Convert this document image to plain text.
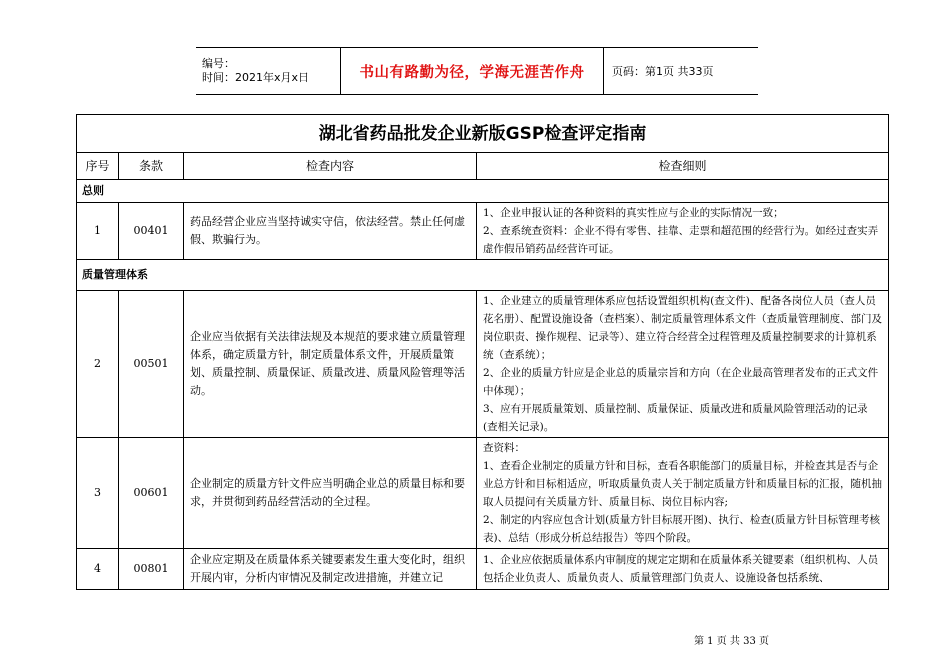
编号：
时间：2021年x月x日	书山有路勤为径，学海无涯苦作舟	页码：第1页 共33页
湖北省药品批发企业新版GSP检查评定指南			
序号	条款	检查内容	检查细则
总则			
1	00401	药品经营企业应当坚持诚实守信，依法经营。禁止任何虚假、欺骗行为。	1、企业申报认证的各种资料的真实性应与企业的实际情况一致；

2、查系统查资料：企业不得有零售、挂靠、走票和超范围的经营行为。如经过查实弄虚作假吊销药品经营许可证。

质量管理体系			
2	00501	企业应当依据有关法律法规及本规范的要求建立质量管理体系，确定质量方针，制定质量体系文件，开展质量策划、质量控制、质量保证、质量改进、质量风险管理等活动。	1、企业建立的质量管理体系应包括设置组织机构(查文件)、配备各岗位人员（查人员花名册）、配置设施设备（查档案）、制定质量管理体系文件（查质量管理制度、部门及岗位职责、操作规程、记录等）、建立符合经营全过程管理及质量控制要求的计算机系统（查系统）；

2、企业的质量方针应是企业总的质量宗旨和方向（在企业最高管理者发布的正式文件中体现）；

3、应有开展质量策划、质量控制、质量保证、质量改进和质量风险管理活动的记录(查相关记录)。

3	00601	企业制定的质量方针文件应当明确企业总的质量目标和要求，并贯彻到药品经营活动的全过程。	查资料：

1、查看企业制定的质量方针和目标，查看各职能部门的质量目标，并检查其是否与企业总方针和目标相适应，听取质量负责人关于制定质量方针和质量目标的汇报，随机抽取人员提问有关质量方针、质量目标、岗位目标内容;

2、制定的内容应包含计划(质量方针目标展开图)、执行、检查(质量方针目标管理考核表)、总结（形成分析总结报告）等四个阶段。

4	00801	企业应定期及在质量体系关键要素发生重大变化时，组织开展内审，分析内审情况及制定改进措施，并建立记	1、企业应依据质量体系内审制度的规定定期和在质量体系关键要素（组织机构、人员包括企业负责人、质量负责人、质量管理部门负责人、设施设备包括系统、

第 1 页 共 33 页
